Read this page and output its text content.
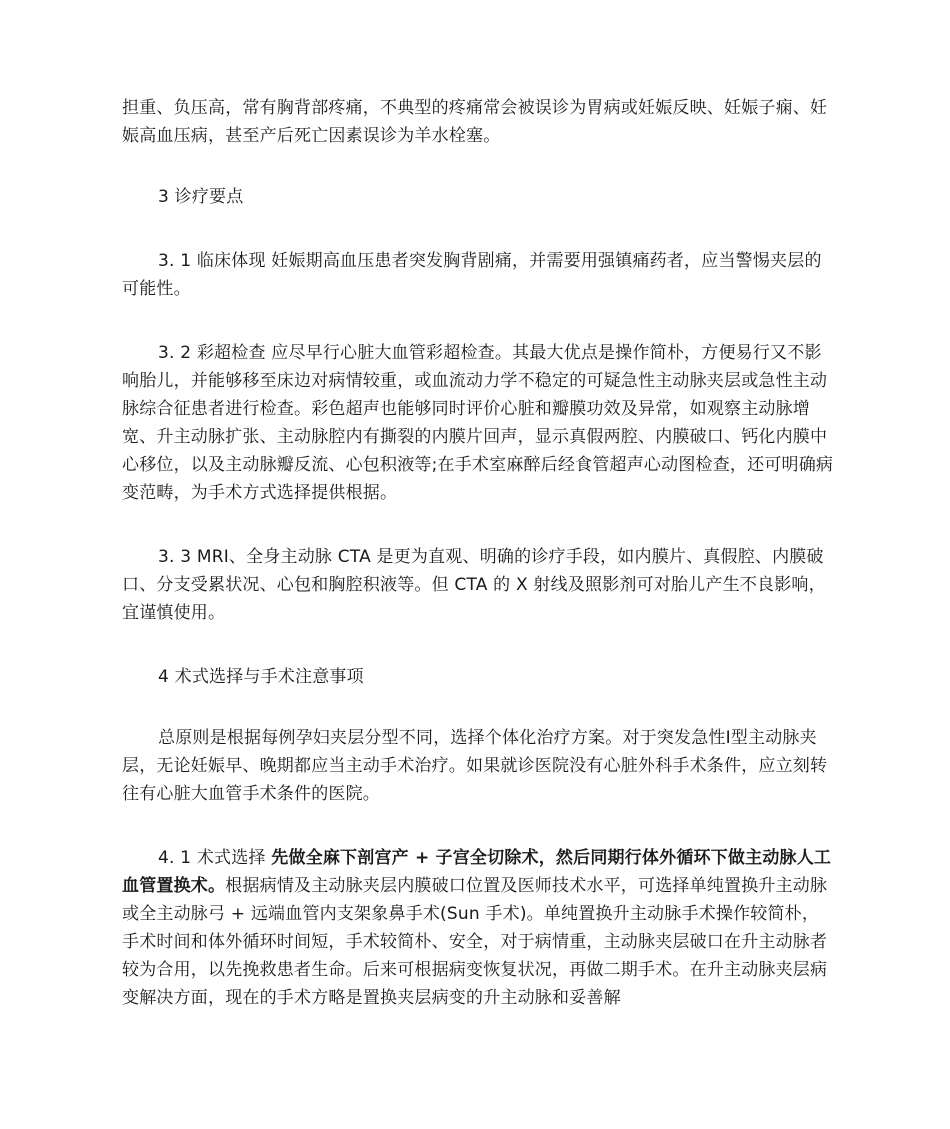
担重、负压高，常有胸背部疼痛，不典型的疼痛常会被误诊为胃病或妊娠反映、妊娠子痫、妊娠高血压病，甚至产后死亡因素误诊为羊水栓塞。

3 诊疗要点

3. 1 临床体现 妊娠期高血压患者突发胸背剧痛，并需要用强镇痛药者，应当警惕夹层的可能性。

3. 2 彩超检查 应尽早行心脏大血管彩超检查。其最大优点是操作简朴，方便易行又不影响胎儿，并能够移至床边对病情较重，或血流动力学不稳定的可疑急性主动脉夹层或急性主动脉综合征患者进行检查。彩色超声也能够同时评价心脏和瓣膜功效及异常，如观察主动脉增宽、升主动脉扩张、主动脉腔内有撕裂的内膜片回声，显示真假两腔、内膜破口、钙化内膜中心移位，以及主动脉瓣反流、心包积液等;在手术室麻醉后经食管超声心动图检查，还可明确病变范畴，为手术方式选择提供根据。

3. 3 MRI、全身主动脉 CTA 是更为直观、明确的诊疗手段，如内膜片、真假腔、内膜破口、分支受累状况、心包和胸腔积液等。但 CTA 的 X 射线及照影剂可对胎儿产生不良影响，宜谨慎使用。

4 术式选择与手术注意事项

总原则是根据每例孕妇夹层分型不同，选择个体化治疗方案。对于突发急性Ⅰ型主动脉夹层，无论妊娠早、晚期都应当主动手术治疗。如果就诊医院没有心脏外科手术条件，应立刻转往有心脏大血管手术条件的医院。

4. 1 术式选择 先做全麻下剖宫产 + 子宫全切除术，然后同期行体外循环下做主动脉人工血管置换术。根据病情及主动脉夹层内膜破口位置及医师技术水平，可选择单纯置换升主动脉或全主动脉弓 + 远端血管内支架象鼻手术(Sun 手术)。单纯置换升主动脉手术操作较简朴，手术时间和体外循环时间短，手术较简朴、安全，对于病情重，主动脉夹层破口在升主动脉者较为合用，以先挽救患者生命。后来可根据病变恢复状况，再做二期手术。在升主动脉夹层病变解决方面，现在的手术方略是置换夹层病变的升主动脉和妥善解
